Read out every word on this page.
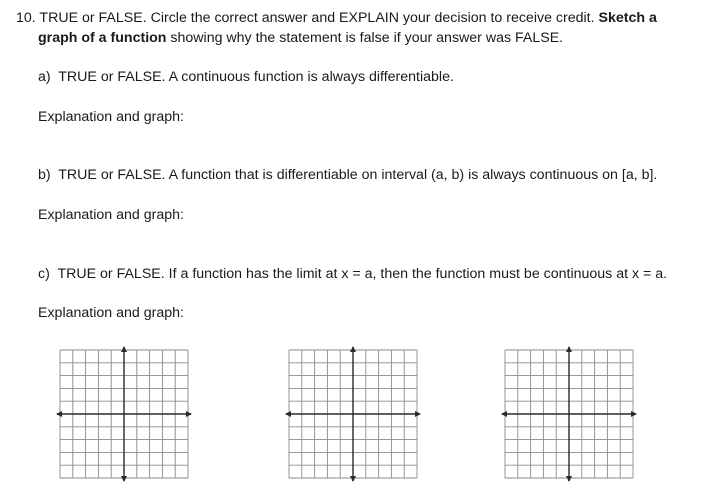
10. TRUE or FALSE. Circle the correct answer and EXPLAIN your decision to receive credit. Sketch a
graph of a function showing why the statement is false if your answer was FALSE.
a) TRUE or FALSE. A continuous function is always differentiable.
Explanation and graph:
b) TRUE or FALSE. A function that is differentiable on interval (a, b) is always continuous on [a, b].
Explanation and graph:
c) TRUE or FALSE. If a function has the limit at x = a, then the function must be continuous at x = a.
Explanation and graph:
